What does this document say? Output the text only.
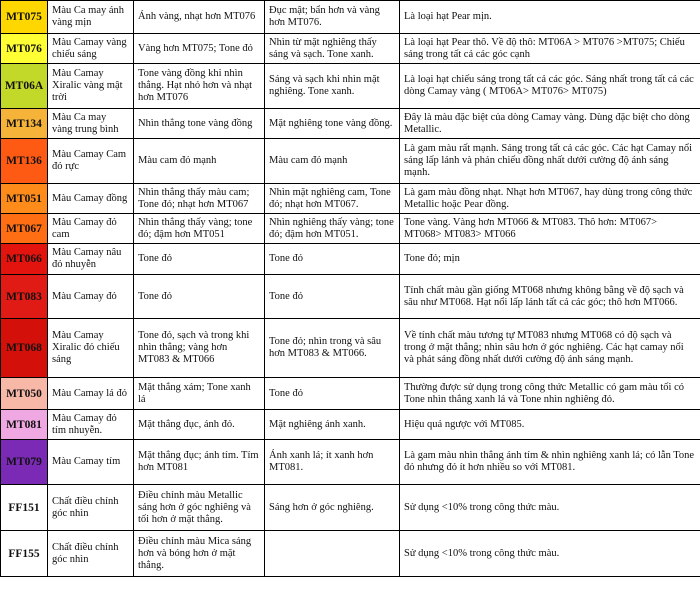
MT075	Màu Ca may ánh vàng mịn	Ánh vàng, nhạt hơn MT076	Đục mật; bẩn hơn và vàng hơn MT076.	Là loại hạt Pear mịn.
MT076	Màu Camay vàng chiếu sáng	Vàng hơn MT075; Tone đỏ	Nhìn từ mặt nghiêng thấy sáng và sạch. Tone xanh.	Là loại hạt Pear thô. Về độ thô: MT06A > MT076 >MT075; Chiếu sáng trong tất cả các góc cạnh
MT06A	Màu Camay Xiralic vàng mật trời	Tone vàng đồng khi nhìn thẳng. Hạt nhỏ hơn và nhạt hơn MT076	Sáng và sạch khi nhìn mặt nghiêng. Tone xanh.	Là loại hạt chiếu sáng trong tất cả các góc. Sáng nhất trong tất cả các dòng Camay vàng ( MT06A> MT076> MT075)
MT134	Màu Ca may vàng trung bình	Nhìn thẳng tone vàng đồng	Mặt nghiêng tone vàng đồng.	Đây là màu đặc biệt của dòng Camay vàng. Dùng đặc biệt cho dòng Metallic.
MT136	Màu Camay Cam đỏ rực	Màu cam đỏ mạnh	Màu cam đỏ mạnh	Là gam màu rất mạnh. Sáng trong tất cả các góc. Các hạt Camay nổi sáng lấp lánh và phản chiếu đồng nhất dưới cường độ ánh sáng mạnh.
MT051	Màu Camay đồng	Nhìn thẳng thấy màu cam; Tone đỏ; nhạt hơn MT067	Nhìn mặt nghiêng cam, Tone đỏ; nhạt hơn MT067.	Là gam màu đồng nhạt. Nhạt hơn MT067, hay dùng trong công thức Metallic hoặc Pear đồng.
MT067	Màu Camay đỏ cam	Nhìn thẳng thấy vàng; tone đỏ; đậm hơn MT051	Nhìn nghiêng thấy vàng; tone đỏ; đậm hơn MT051.	Tone vàng. Vàng hơn MT066 & MT083. Thô hơn: MT067> MT068> MT083> MT066
MT066	Màu Camay nâu đỏ nhuyễn	Tone đỏ	Tone đỏ	Tone đỏ; mịn
MT083	Màu Camay đỏ	Tone đỏ	Tone đỏ	Tính chất màu gần giống MT068 nhưng không bằng về độ sạch và sâu như MT068. Hạt nổi lấp lánh tất cả các góc; thô hơn MT066.
MT068	Màu Camay Xiralic đỏ chiếu sáng	Tone đỏ, sạch và trong khi nhìn thẳng; vàng hơn MT083 & MT066	Tone đỏ; nhìn trong và sâu hơn MT083 & MT066.	Về tính chất màu tương tự MT083 nhưng MT068 có độ sạch và trong ở mặt thẳng; nhìn sâu hơn ở góc nghiêng. Các hạt camay nổi và phát sáng đồng nhất dưới cường độ ánh sáng mạnh.
MT050	Màu Camay lá đỏ	Mặt thẳng xám; Tone xanh lá	Tone đỏ	Thường được sử dụng trong công thức Metallic có gam màu tối có Tone nhìn thẳng xanh lá và Tone nhìn nghiêng đỏ.
MT081	Màu Camay đỏ tím nhuyễn.	Mặt thẳng đục, ánh đỏ.	Mặt nghiêng ánh xanh.	Hiệu quả ngược với MT085.
MT079	Màu Camay tím	Mặt thẳng đục; ánh tím. Tím hơn MT081	Ánh xanh lá; ít xanh hơn MT081.	Là gam màu nhìn thẳng ánh tím & nhìn nghiêng xanh lá; có lẫn Tone đỏ nhưng đỏ ít hơn nhiều so với MT081.
FF151	Chất điều chỉnh góc nhìn	Điều chỉnh màu Metallic sáng hơn ở góc nghiêng và tối hơn ở mặt thẳng.	Sáng hơn ở góc nghiêng.	Sử dụng <10% trong công thức màu.
FF155	Chất điều chỉnh góc nhìn	Điều chỉnh màu Mica sáng hơn và bóng hơn ở mặt thẳng.		Sử dụng <10% trong công thức màu.
